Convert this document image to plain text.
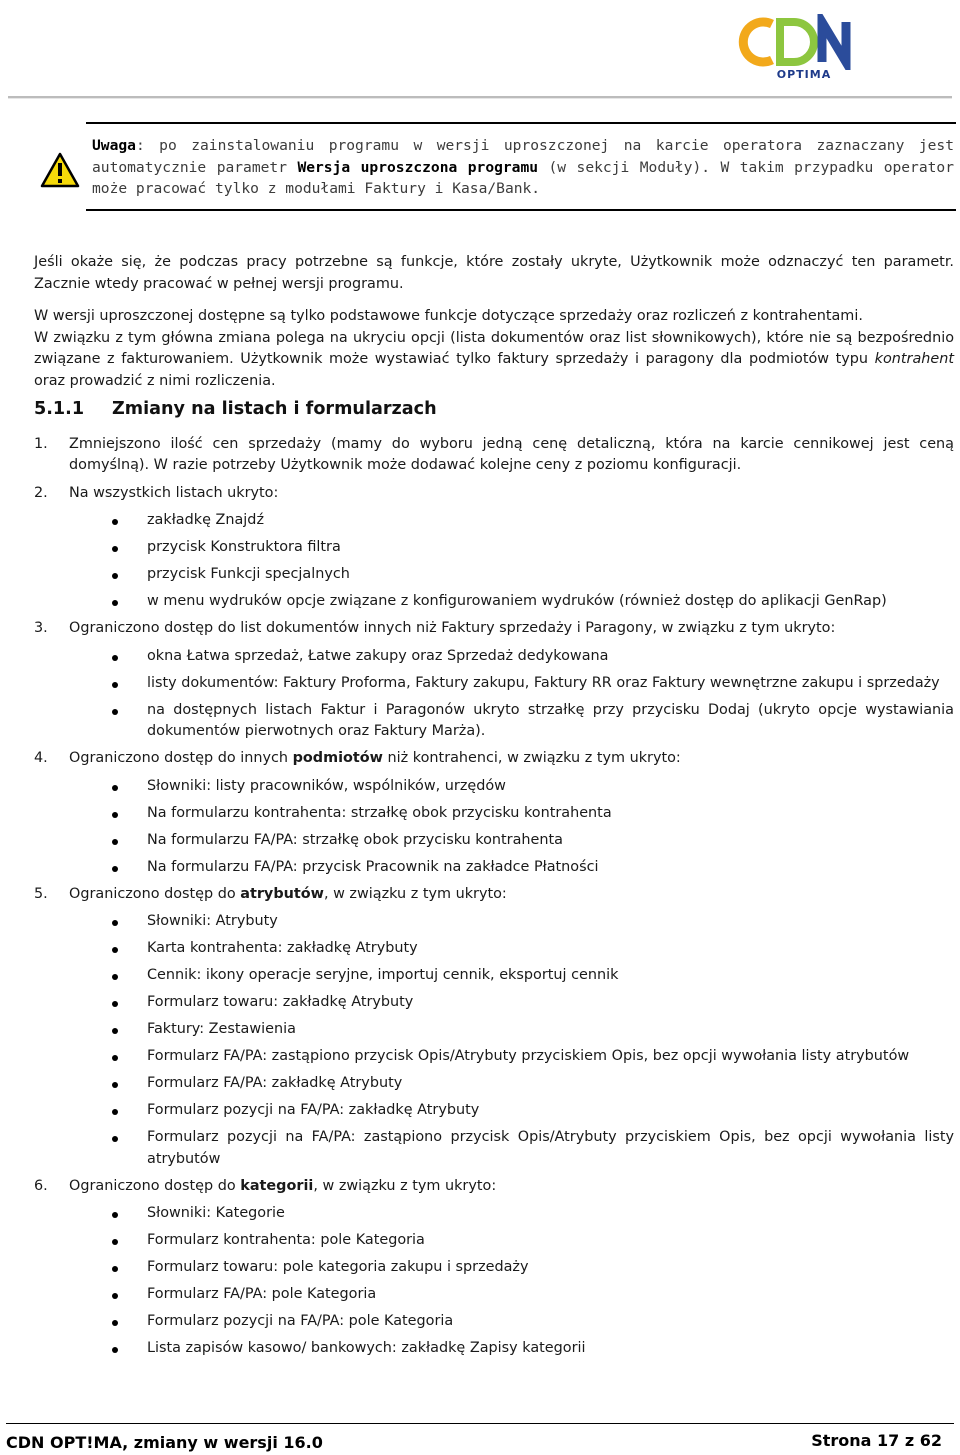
OPTIMA
Uwaga: po zainstalowaniu programu w wersji uproszczonej na karcie operatora zaznaczany jest automatycznie parametr Wersja uproszczona programu (w sekcji Moduły). W takim przypadku operator może pracować tylko z modułami Faktury i Kasa/Bank.

Jeśli okaże się, że podczas pracy potrzebne są funkcje, które zostały ukryte, Użytkownik może odznaczyć ten parametr. Zacznie wtedy pracować w pełnej wersji programu.

W wersji uproszczonej dostępne są tylko podstawowe funkcje dotyczące sprzedaży oraz rozliczeń z kontrahentami.

W związku z tym główna zmiana polega na ukryciu opcji (lista dokumentów oraz list słownikowych), które nie są bezpośrednio związane z fakturowaniem. Użytkownik może wystawiać tylko faktury sprzedaży i paragony dla podmiotów typu kontrahent oraz prowadzić z nimi rozliczenia.

5.1.1 Zmiany na listach i formularzach
1. Zmniejszono ilość cen sprzedaży (mamy do wyboru jedną cenę detaliczną, która na karcie cennikowej jest ceną domyślną). W razie potrzeby Użytkownik może dodawać kolejne ceny z poziomu konfiguracji.
2. Na wszystkich listach ukryto:
zakładkę Znajdź
przycisk Konstruktora filtra
przycisk Funkcji specjalnych
w menu wydruków opcje związane z konfigurowaniem wydruków (również dostęp do aplikacji GenRap)
3. Ograniczono dostęp do list dokumentów innych niż Faktury sprzedaży i Paragony, w związku z tym ukryto:
okna Łatwa sprzedaż, Łatwe zakupy oraz Sprzedaż dedykowana
listy dokumentów: Faktury Proforma, Faktury zakupu, Faktury RR oraz Faktury wewnętrzne zakupu i sprzedaży
na dostępnych listach Faktur i Paragonów ukryto strzałkę przy przycisku Dodaj (ukryto opcje wystawiania dokumentów pierwotnych oraz Faktury Marża).
4. Ograniczono dostęp do innych podmiotów niż kontrahenci, w związku z tym ukryto:
Słowniki: listy pracowników, wspólników, urzędów
Na formularzu kontrahenta: strzałkę obok przycisku kontrahenta
Na formularzu FA/PA: strzałkę obok przycisku kontrahenta
Na formularzu FA/PA: przycisk Pracownik na zakładce Płatności
5. Ograniczono dostęp do atrybutów, w związku z tym ukryto:
Słowniki: Atrybuty
Karta kontrahenta: zakładkę Atrybuty
Cennik: ikony operacje seryjne, importuj cennik, eksportuj cennik
Formularz towaru: zakładkę Atrybuty
Faktury: Zestawienia
Formularz FA/PA: zastąpiono przycisk Opis/Atrybuty przyciskiem Opis, bez opcji wywołania listy atrybutów
Formularz FA/PA: zakładkę Atrybuty
Formularz pozycji na FA/PA: zakładkę Atrybuty
Formularz pozycji na FA/PA: zastąpiono przycisk Opis/Atrybuty przyciskiem Opis, bez opcji wywołania listy atrybutów
6. Ograniczono dostęp do kategorii, w związku z tym ukryto:
Słowniki: Kategorie
Formularz kontrahenta: pole Kategoria
Formularz towaru: pole kategoria zakupu i sprzedaży
Formularz FA/PA: pole Kategoria
Formularz pozycji na FA/PA: pole Kategoria
Lista zapisów kasowo/ bankowych: zakładkę Zapisy kategorii
CDN OPT!MA, zmiany w wersji 16.0	Strona 17 z 62
